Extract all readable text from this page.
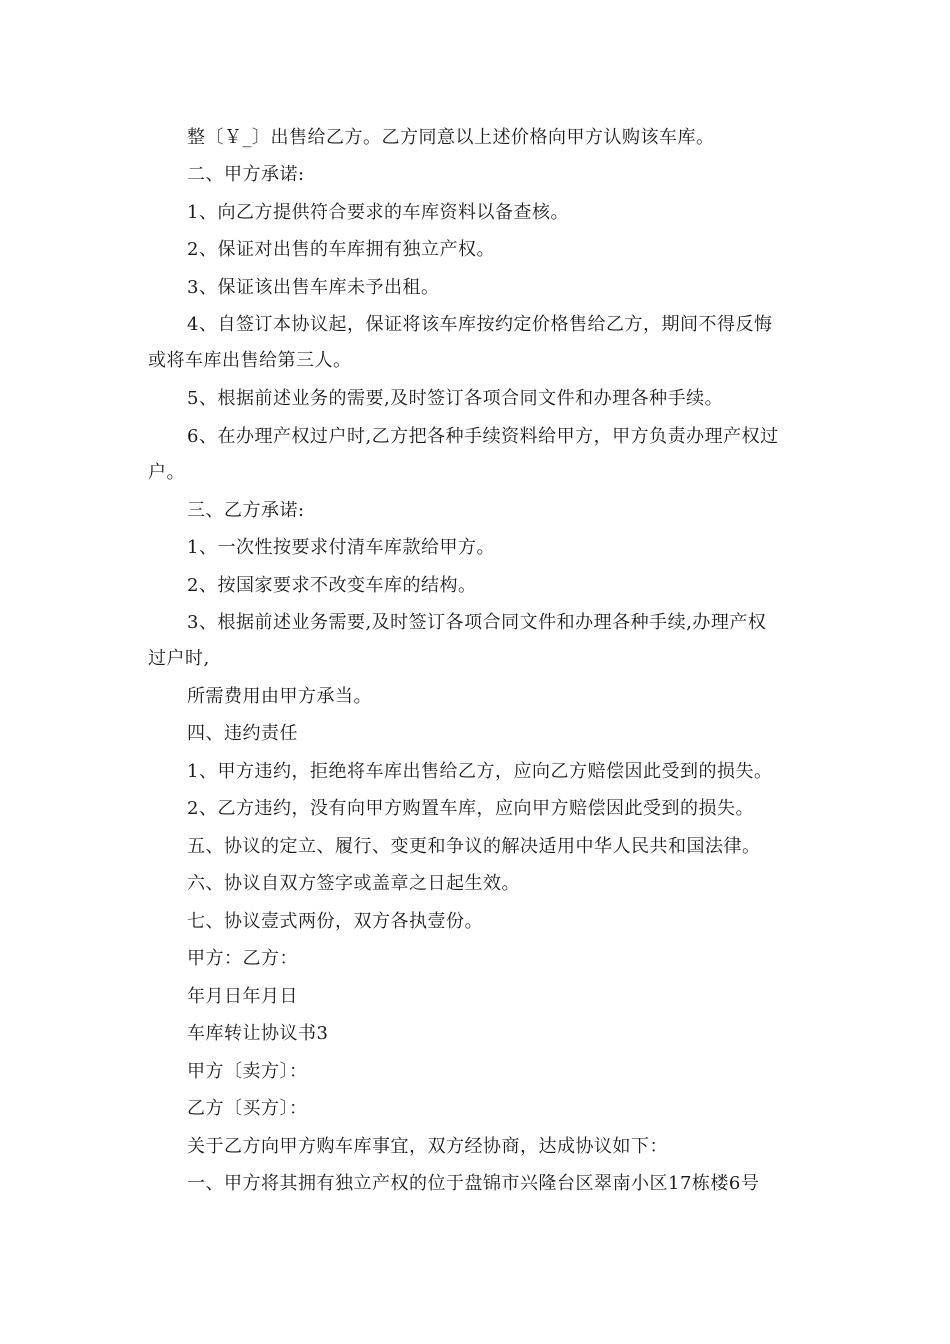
整〔￥_〕出售给乙方。乙方同意以上述价格向甲方认购该车库。
二、甲方承诺:
1、向乙方提供符合要求的车库资料以备查核。
2、保证对出售的车库拥有独立产权。
3、保证该出售车库未予出租。
4、自签订本协议起，保证将该车库按约定价格售给乙方，期间不得反悔
或将车库出售给第三人。
5、根据前述业务的需要,及时签订各项合同文件和办理各种手续。
6、在办理产权过户时,乙方把各种手续资料给甲方，甲方负责办理产权过
户。
三、乙方承诺:
1、一次性按要求付清车库款给甲方。
2、按国家要求不改变车库的结构。
3、根据前述业务需要,及时签订各项合同文件和办理各种手续,办理产权
过户时,
所需费用由甲方承当。
四、违约责任
1、甲方违约，拒绝将车库出售给乙方，应向乙方赔偿因此受到的损失。
2、乙方违约，没有向甲方购置车库，应向甲方赔偿因此受到的损失。
五、协议的定立、履行、变更和争议的解决适用中华人民共和国法律。
六、协议自双方签字或盖章之日起生效。
七、协议壹式两份，双方各执壹份。
甲方：乙方：
年月日年月日
车库转让协议书3
甲方〔卖方〕：
乙方〔买方〕：
关于乙方向甲方购车库事宜，双方经协商，达成协议如下：
一、甲方将其拥有独立产权的位于盘锦市兴隆台区翠南小区17栋楼6号
